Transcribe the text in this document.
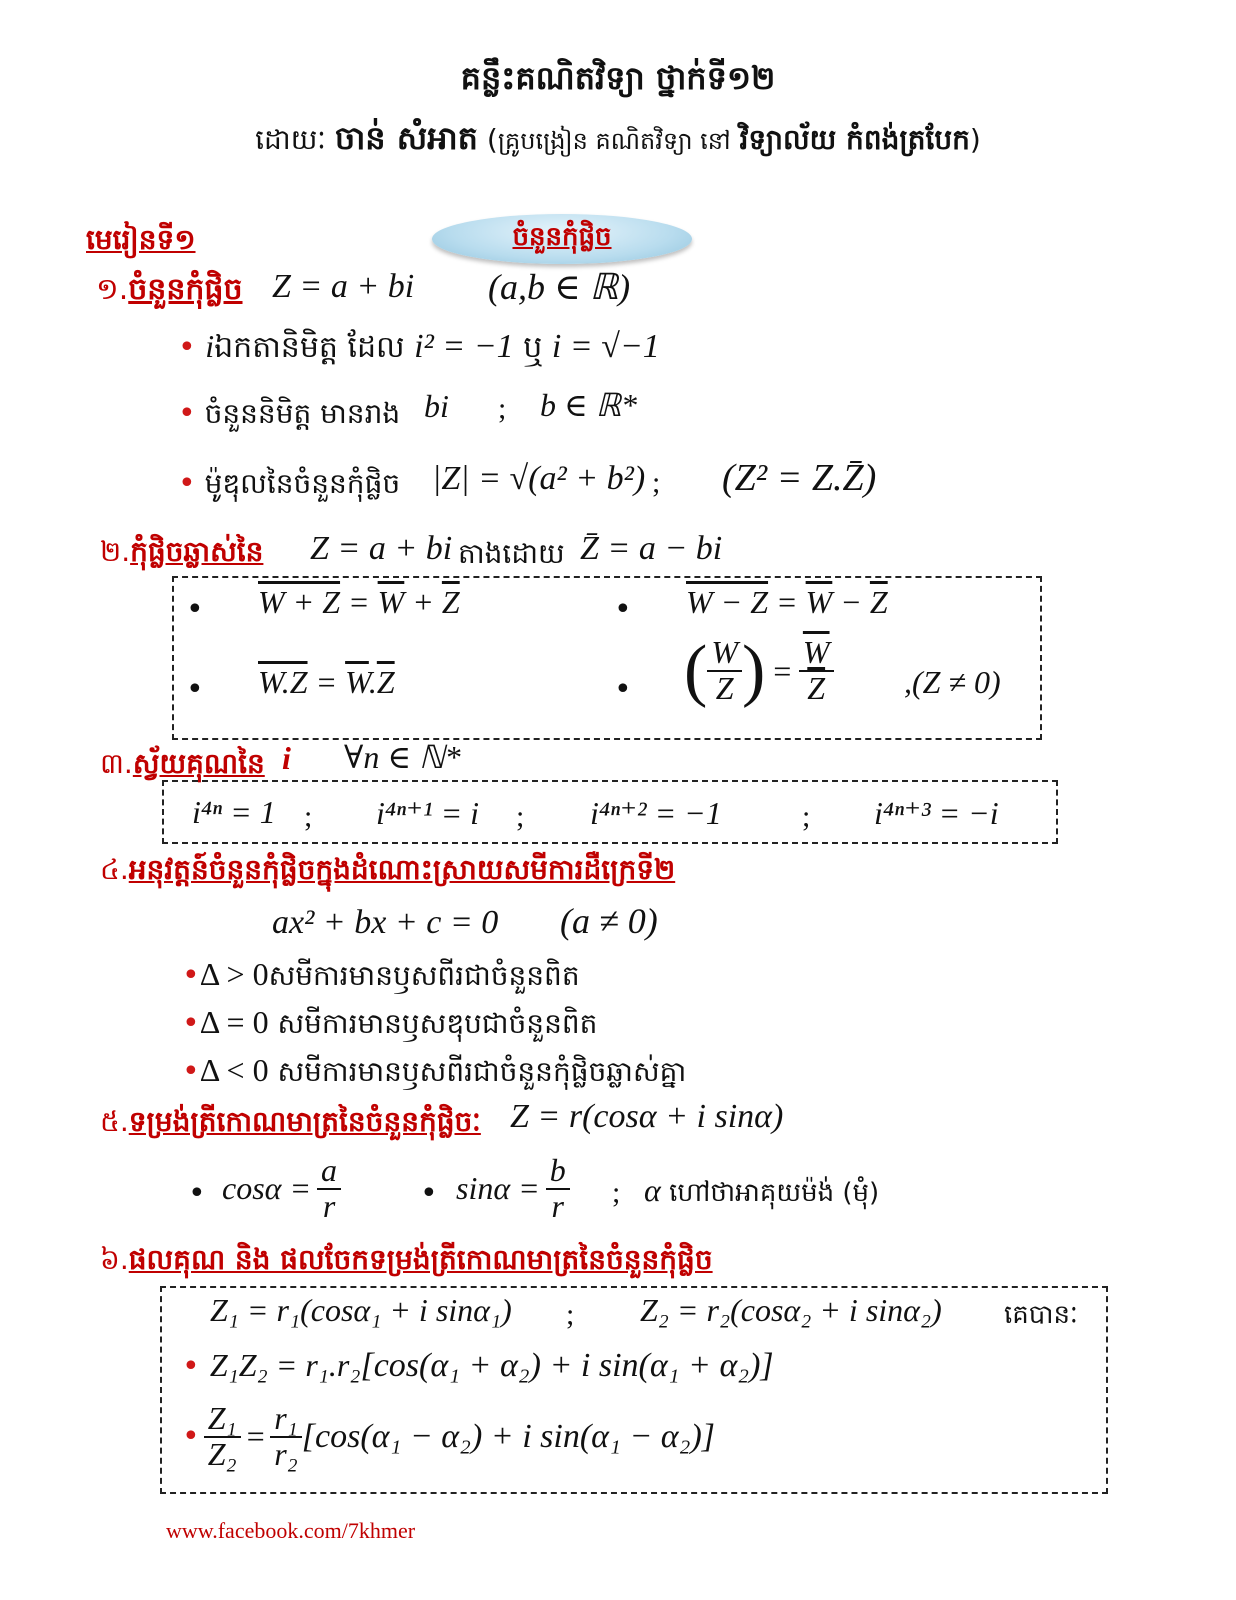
គន្លឹះគណិតវិទ្យា ថ្នាក់ទី១២
ដោយៈ ចាន់ សំអាត (គ្រូបង្រៀន គណិតវិទ្យា នៅ វិទ្យាល័យ កំពង់ត្របែក)
មេរៀនទី១	ចំនួនកុំផ្លិច
១.ចំនួនកុំផ្លិច Z = a + bi (a,b ∈ ℝ)
• iឯកតានិមិត្ត ដែល i² = −1 ឬ i = √−1
• ចំនួននិមិត្ត មានរាង bi ; b ∈ ℝ*
• ម៉ូឌុលនៃចំនួនកុំផ្លិច |Z| = √(a² + b²) ; (Z² = Z.Z̄)
២.កុំផ្លិចឆ្លាស់នៃ Z = a + bi តាងដោយ Z̄ = a − bi
• $W + Z = \overline{W} + \overline{Z}$	• $W - Z = \overline{W} - \overline{Z}$
• $W.Z = \overline{W}.\overline{Z}$	• ( $\frac{W}{Z}$ ) = $\frac{\overline{W}}{Z} ,(Z \ne 0)$
៣.ស្វ័យគុណនៃ i ∀n ∈ ℕ*
i⁴ⁿ = 1 ; i⁴ⁿ⁺¹ = i ; i⁴ⁿ⁺² = −1	; i⁴ⁿ⁺³ = −i
៤.អនុវត្តន៍ចំនួនកុំផ្លិចក្នុងដំណោះស្រាយសមីការដឺក្រេទី២
ax² + bx + c = 0 (a ≠ 0)
•Δ > 0សមីការមានឫសពីរជាចំនួនពិត
•Δ = 0 សមីការមានឫសឌុបជាចំនួនពិត
•Δ < 0 សមីការមានឫសពីរជាចំនួនកុំផ្លិចឆ្លាស់គ្នា
៥.ទម្រង់ត្រីកោណមាត្រនៃចំនួនកុំផ្លិចៈ Z = r(cosα + i sinα)
• $\cos\alpha = \frac{a}{r}$	• $\sin\alpha = \frac{b}{r}$ ; α ហៅថាអាគុយម៉ង់ (មុំ)
៦.ផលគុណ និង ផលចែកទម្រង់ត្រីកោណមាត្រនៃចំនួនកុំផ្លិច
Z₁ = r₁(cosα₁ + i sinα₁) ; Z₂ = r₂(cosα₂ + i sinα₂) គេបានៈ
• Z₁Z₂ = r₁.r₂[cos(α₁ + α₂) + i sin(α₁ + α₂)]
• $\frac{\text{Z₁}}{\text{Z₂}} = \frac{\text{r₁}}{\text{r₂}} [\cos(\alpha_1 - \alpha_2) + i$ sin(α₁ − α₂)]
www.facebook.com/7khmer
